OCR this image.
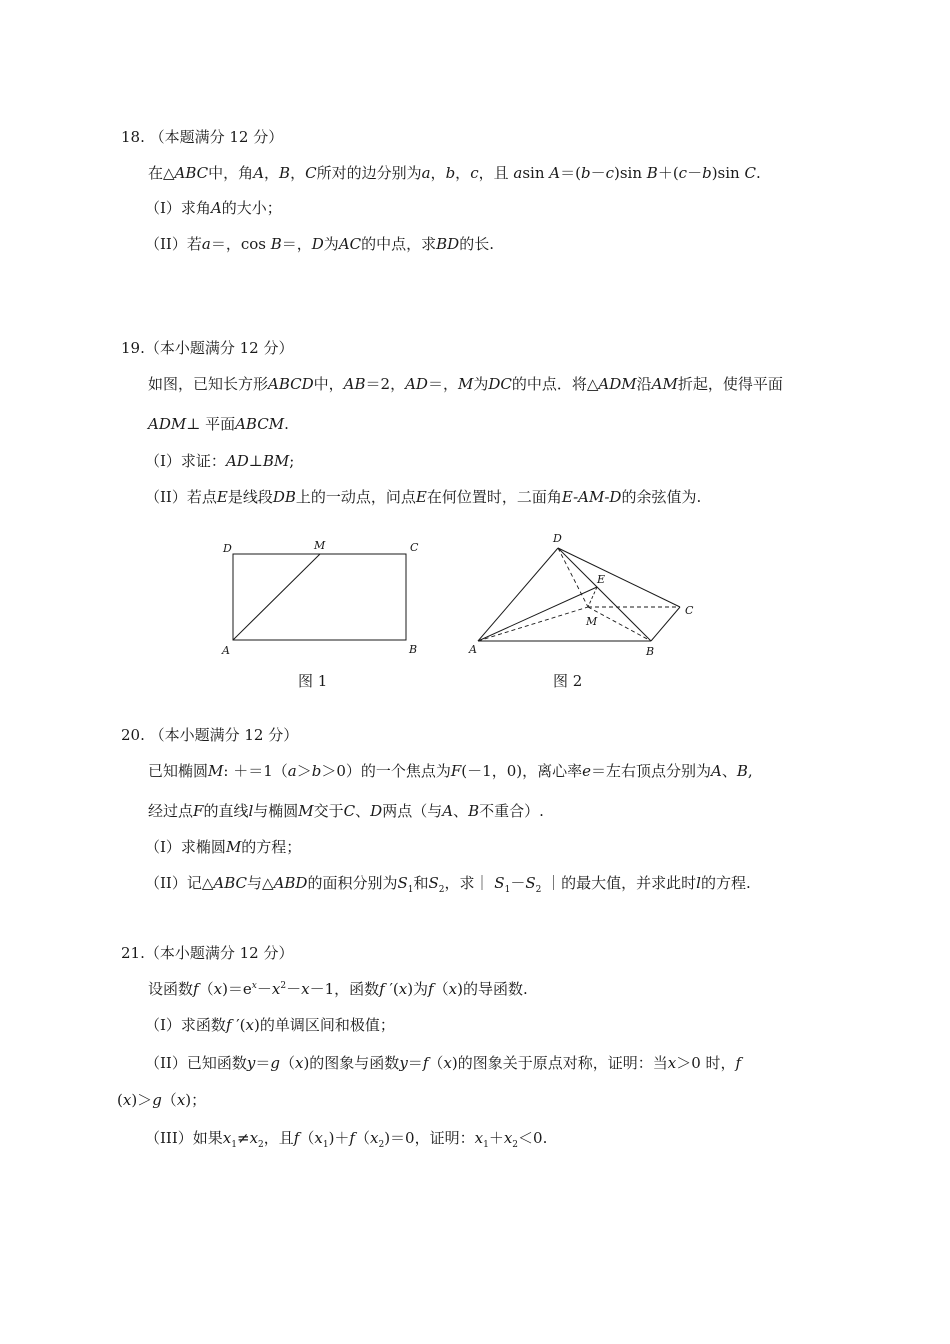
18. （本题满分 12 分）
在△ABC中，角A，B，C所对的边分别为a，b，c，且 asin A＝(b－c)sin B＋(c－b)sin C.
（I）求角A的大小；
（II）若a＝，cos B＝，D为AC的中点，求BD的长.
19.（本小题满分 12 分）
如图，已知长方形ABCD中，AB＝2，AD＝，M为DC的中点．将△ADM沿AM折起，使得平面
ADM⊥ 平面ABCM.
（I）求证：AD⊥BM;
（II）若点E是线段DB上的一动点，问点E在何位置时，二面角E-AM-D的余弦值为.
D	M	C
A	B
图 1
D
E
C
M
A	B
图 2
20. （本小题满分 12 分）
已知椭圆M: ＋＝1（a＞b＞0）的一个焦点为F(－1，0)，离心率e＝左右顶点分别为A、B,
经过点F的直线l与椭圆M交于C、D两点（与A、B不重合）.
（I）求椭圆M的方程；
（II）记△ABC与△ABD的面积分别为$S_1$和$S_2$，求｜ $S_1-S_2$ ｜的最大值，并求此时l的方程.
21.（本小题满分 12 分）
设函数$f(x)=e^x-x^2-x-1$，函数f ′(x)为f（x)的导函数.
（I）求函数f ′(x)的单调区间和极值；
（II）已知函数y＝g（x)的图象与函数y＝f（x)的图象关于原点对称，证明：当x＞0 时，f
(x)＞g（x)；
（III）如果$x_1\ne x_2$，且$f(x_1)+f(x_2)=0$，证明：$x_1+x_2<0$.
